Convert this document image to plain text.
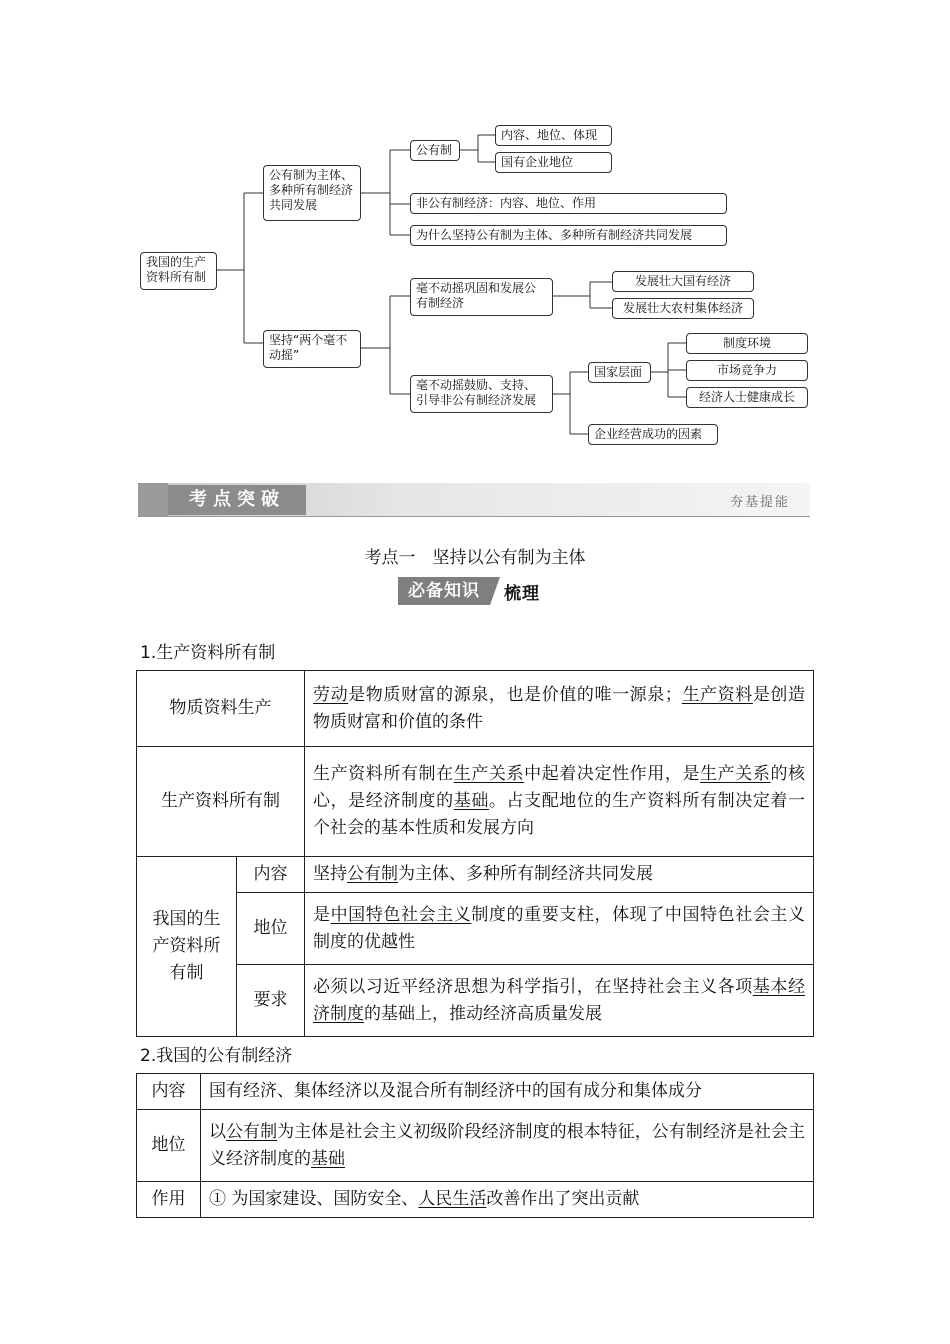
我国的生产资料所有制
公有制为主体、多种所有制经济共同发展
公有制
内容、地位、体现
国有企业地位
非公有制经济：内容、地位、作用
为什么坚持公有制为主体、多种所有制经济共同发展
坚持“两个毫不动摇”
毫不动摇巩固和发展公有制经济
发展壮大国有经济
发展壮大农村集体经济
毫不动摇鼓励、支持、引导非公有制经济发展
国家层面
制度环境
市场竞争力
经济人士健康成长
企业经营成功的因素
考点突破	夯基提能
考点一　坚持以公有制为主体
必备知识	梳理
1.生产资料所有制
物质资料生产		劳动是物质财富的源泉，也是价值的唯一源泉；生产资料是创造物质财富和价值的条件
生产资料所有制		生产资料所有制在生产关系中起着决定性作用，是生产关系的核心，是经济制度的基础。占支配地位的生产资料所有制决定着一个社会的基本性质和发展方向
我国的生产资料所有制	内容	坚持公有制为主体、多种所有制经济共同发展
	地位	是中国特色社会主义制度的重要支柱，体现了中国特色社会主义制度的优越性
	要求	必须以习近平经济思想为科学指引，在坚持社会主义各项基本经济制度的基础上，推动经济高质量发展
2.我国的公有制经济
内容	国有经济、集体经济以及混合所有制经济中的国有成分和集体成分
地位	以公有制为主体是社会主义初级阶段经济制度的根本特征，公有制经济是社会主义经济制度的基础
作用	① 为国家建设、国防安全、人民生活改善作出了突出贡献
